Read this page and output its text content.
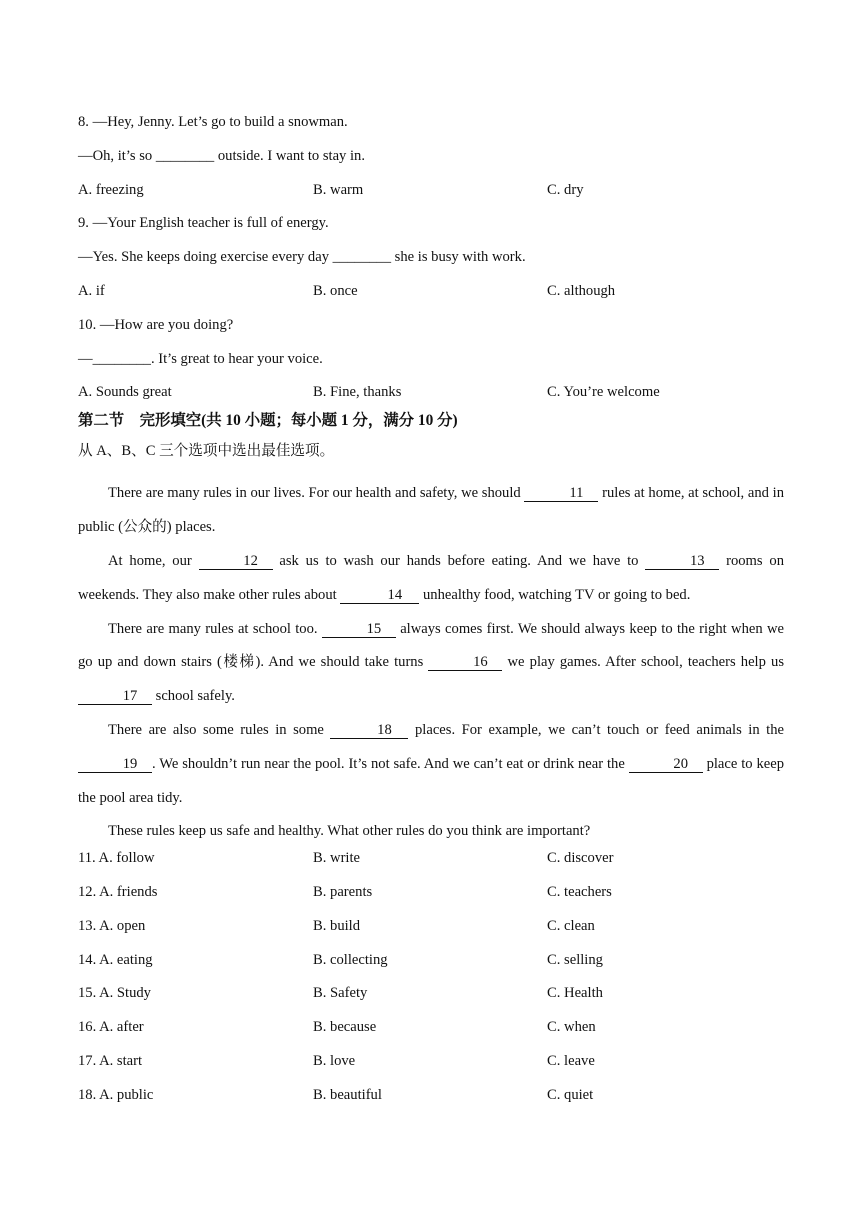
8. —Hey, Jenny. Let’s go to build a snowman.
—Oh, it’s so ________ outside. I want to stay in.
A. freezing	B. warm	C. dry
9. —Your English teacher is full of energy.
—Yes. She keeps doing exercise every day ________ she is busy with work.
A. if	B. once	C. although
10. —How are you doing?
—________. It’s great to hear your voice.
A. Sounds great	B. Fine, thanks	C. You’re welcome
第二节　完形填空(共 10 小题；每小题 1 分，满分 10 分)
从 A、B、C 三个选项中选出最佳选项。
There are many rules in our lives. For our health and safety, we should	11 rules at home, at school, and in public (公众的) places.
At home, our	12 ask us to wash our hands before eating. And we have to	13 rooms on weekends. They also make other rules about	14 unhealthy food, watching TV or going to bed.
There are many rules at school too.	15 always comes first. We should always keep to the right when we go up and down stairs (楼梯). And we should take turns	16 we play games. After school, teachers help us 17 school safely.
There are also some rules in some	18 places. For example, we can’t touch or feed animals in the 19 . We shouldn’t run near the pool. It’s not safe. And we can’t eat or drink near the	20 place to keep the pool area tidy.
These rules keep us safe and healthy. What other rules do you think are important?
11. A. follow	B. write	C. discover
12. A. friends	B. parents	C. teachers
13. A. open	B. build	C. clean
14. A. eating	B. collecting	C. selling
15. A. Study	B. Safety	C. Health
16. A. after	B. because	C. when
17. A. start	B. love	C. leave
18. A. public	B. beautiful	C. quiet
